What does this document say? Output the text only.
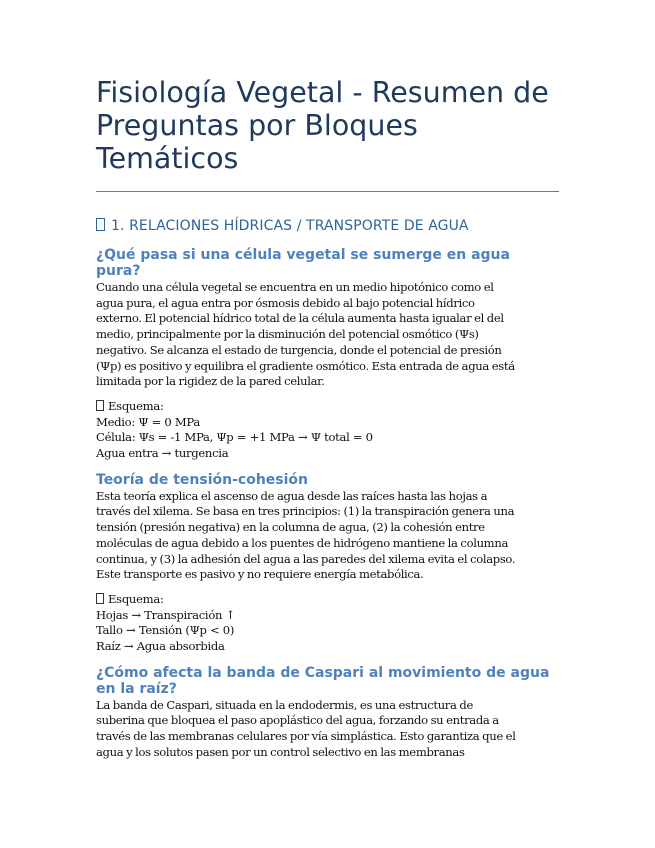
Fisiología Vegetal - Resumen de
Preguntas por Bloques
Temáticos
1. RELACIONES HÍDRICAS / TRANSPORTE DE AGUA
¿Qué pasa si una célula vegetal se sumerge en agua pura?
Cuando una célula vegetal se encuentra en un medio hipotónico como el
agua pura, el agua entra por ósmosis debido al bajo potencial hídrico
externo. El potencial hídrico total de la célula aumenta hasta igualar el del
medio, principalmente por la disminución del potencial osmótico (Ψs)
negativo. Se alcanza el estado de turgencia, donde el potencial de presión
(Ψp) es positivo y equilibra el gradiente osmótico. Esta entrada de agua está
limitada por la rigidez de la pared celular.
Esquema:
Medio: Ψ = 0 MPa
Célula: Ψs = -1 MPa, Ψp = +1 MPa → Ψ total = 0
Agua entra → turgencia
Teoría de tensión-cohesión
Esta teoría explica el ascenso de agua desde las raíces hasta las hojas a
través del xilema. Se basa en tres principios: (1) la transpiración genera una
tensión (presión negativa) en la columna de agua, (2) la cohesión entre
moléculas de agua debido a los puentes de hidrógeno mantiene la columna
continua, y (3) la adhesión del agua a las paredes del xilema evita el colapso.
Este transporte es pasivo y no requiere energía metabólica.
Esquema:
Hojas → Transpiración ↑
Tallo → Tensión (Ψp < 0)
Raíz → Agua absorbida
¿Cómo afecta la banda de Caspari al movimiento de agua
en la raíz?
La banda de Caspari, situada en la endodermis, es una estructura de
suberina que bloquea el paso apoplástico del agua, forzando su entrada a
través de las membranas celulares por vía simplástica. Esto garantiza que el
agua y los solutos pasen por un control selectivo en las membranas
